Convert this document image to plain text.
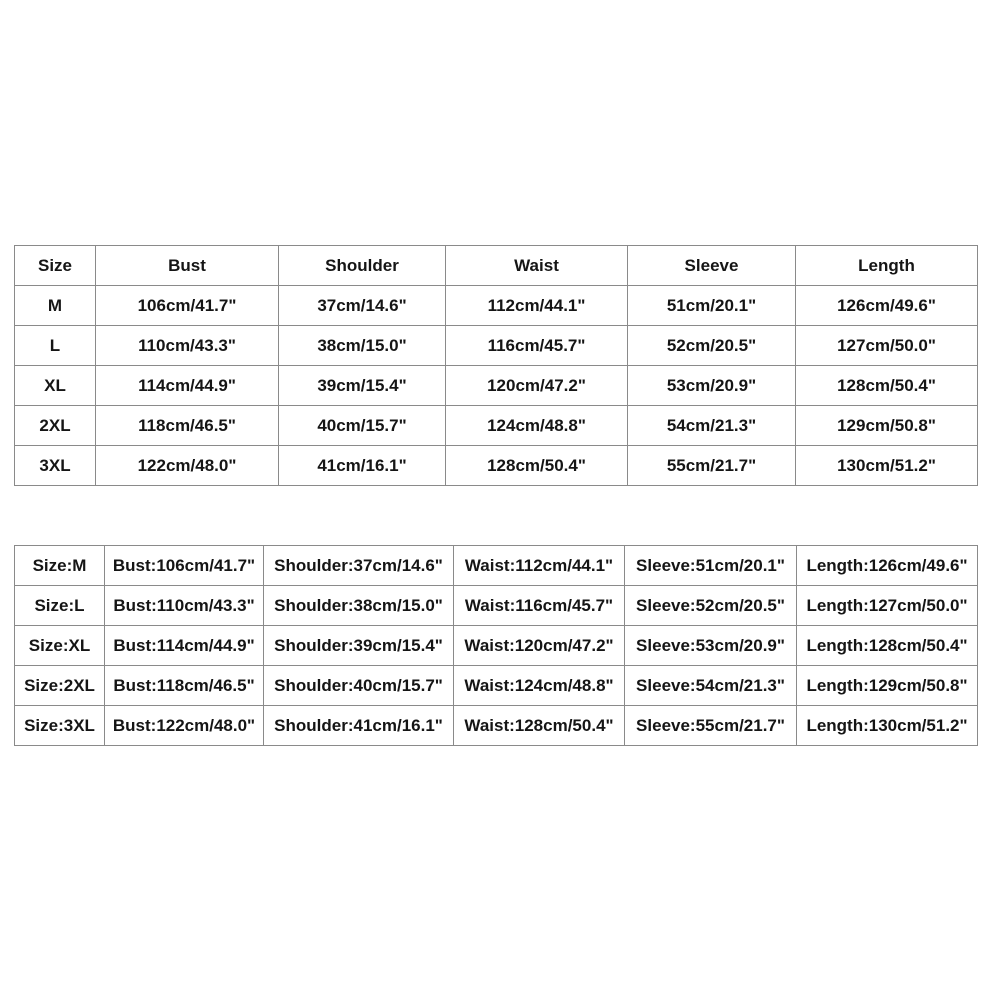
Size	Bust	Shoulder	Waist	Sleeve	Length
M	106cm/41.7"	37cm/14.6"	112cm/44.1"	51cm/20.1"	126cm/49.6"
L	110cm/43.3"	38cm/15.0"	116cm/45.7"	52cm/20.5"	127cm/50.0"
XL	114cm/44.9"	39cm/15.4"	120cm/47.2"	53cm/20.9"	128cm/50.4"
2XL	118cm/46.5"	40cm/15.7"	124cm/48.8"	54cm/21.3"	129cm/50.8"
3XL	122cm/48.0"	41cm/16.1"	128cm/50.4"	55cm/21.7"	130cm/51.2"
Size:M	Bust:106cm/41.7"	Shoulder:37cm/14.6"	Waist:112cm/44.1"	Sleeve:51cm/20.1"	Length:126cm/49.6"
Size:L	Bust:110cm/43.3"	Shoulder:38cm/15.0"	Waist:116cm/45.7"	Sleeve:52cm/20.5"	Length:127cm/50.0"
Size:XL	Bust:114cm/44.9"	Shoulder:39cm/15.4"	Waist:120cm/47.2"	Sleeve:53cm/20.9"	Length:128cm/50.4"
Size:2XL	Bust:118cm/46.5"	Shoulder:40cm/15.7"	Waist:124cm/48.8"	Sleeve:54cm/21.3"	Length:129cm/50.8"
Size:3XL	Bust:122cm/48.0"	Shoulder:41cm/16.1"	Waist:128cm/50.4"	Sleeve:55cm/21.7"	Length:130cm/51.2"
